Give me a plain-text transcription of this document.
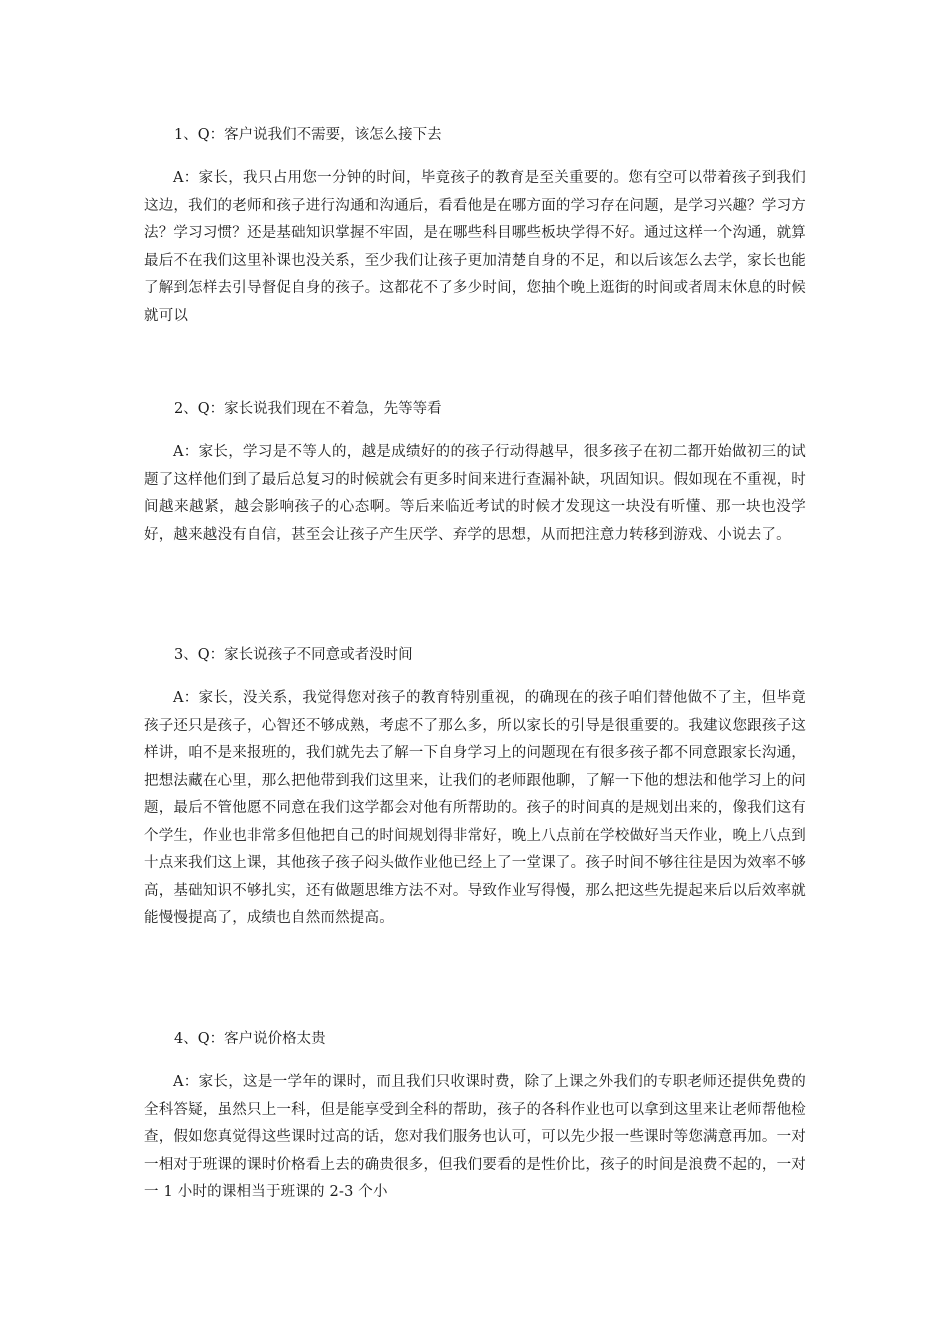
1、Q：客户说我们不需要，该怎么接下去

A：家长，我只占用您一分钟的时间，毕竟孩子的教育是至关重要的。您有空可以带着孩子到我们这边，我们的老师和孩子进行沟通和沟通后，看看他是在哪方面的学习存在问题，是学习兴趣？学习方法？学习习惯？还是基础知识掌握不牢固，是在哪些科目哪些板块学得不好。通过这样一个沟通，就算最后不在我们这里补课也没关系，至少我们让孩子更加清楚自身的不足，和以后该怎么去学，家长也能了解到怎样去引导督促自身的孩子。这都花不了多少时间，您抽个晚上逛街的时间或者周末休息的时候就可以

2、Q：家长说我们现在不着急，先等等看

A：家长，学习是不等人的，越是成绩好的的孩子行动得越早，很多孩子在初二都开始做初三的试题了这样他们到了最后总复习的时候就会有更多时间来进行查漏补缺，巩固知识。假如现在不重视，时间越来越紧，越会影响孩子的心态啊。等后来临近考试的时候才发现这一块没有听懂、那一块也没学好，越来越没有自信，甚至会让孩子产生厌学、弃学的思想，从而把注意力转移到游戏、小说去了。

3、Q：家长说孩子不同意或者没时间

A：家长，没关系，我觉得您对孩子的教育特别重视，的确现在的孩子咱们替他做不了主，但毕竟孩子还只是孩子，心智还不够成熟，考虑不了那么多，所以家长的引导是很重要的。我建议您跟孩子这样讲，咱不是来报班的，我们就先去了解一下自身学习上的问题现在有很多孩子都不同意跟家长沟通，把想法藏在心里，那么把他带到我们这里来，让我们的老师跟他聊，了解一下他的想法和他学习上的问题，最后不管他愿不同意在我们这学都会对他有所帮助的。孩子的时间真的是规划出来的，像我们这有个学生，作业也非常多但他把自己的时间规划得非常好，晚上八点前在学校做好当天作业，晚上八点到十点来我们这上课，其他孩子孩子闷头做作业他已经上了一堂课了。孩子时间不够往往是因为效率不够高，基础知识不够扎实，还有做题思维方法不对。导致作业写得慢，那么把这些先提起来后以后效率就能慢慢提高了，成绩也自然而然提高。

4、Q：客户说价格太贵

A：家长，这是一学年的课时，而且我们只收课时费，除了上课之外我们的专职老师还提供免费的全科答疑，虽然只上一科，但是能享受到全科的帮助，孩子的各科作业也可以拿到这里来让老师帮他检查，假如您真觉得这些课时过高的话，您对我们服务也认可，可以先少报一些课时等您满意再加。一对一相对于班课的课时价格看上去的确贵很多，但我们要看的是性价比，孩子的时间是浪费不起的，一对一 1 小时的课相当于班课的 2-3 个小
